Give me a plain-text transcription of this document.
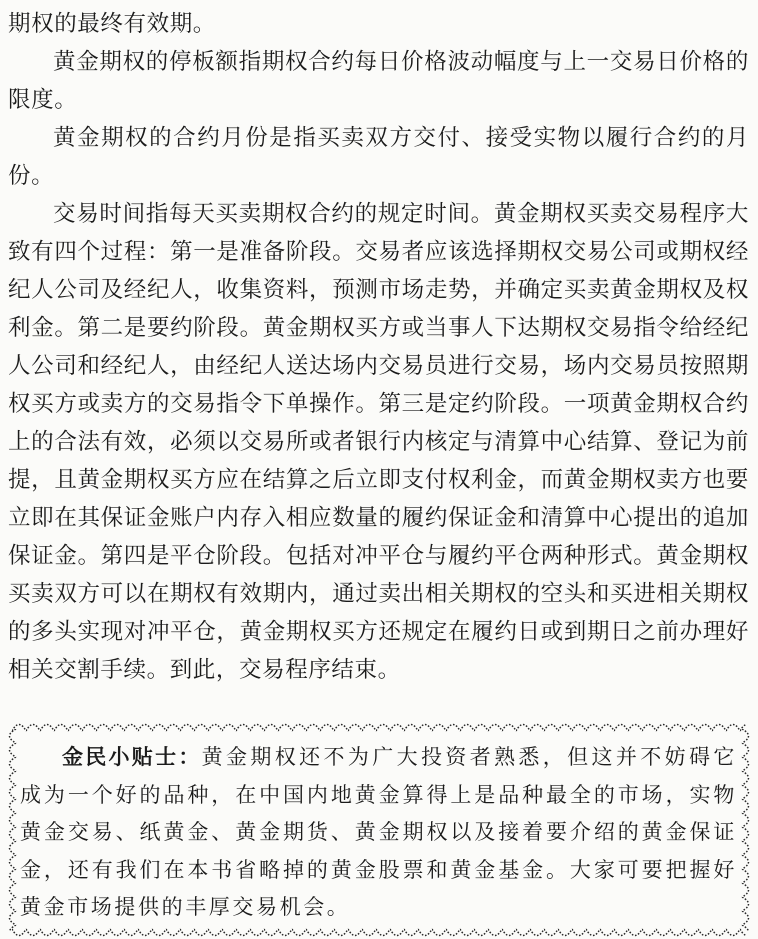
期权的最终有效期。

黄金期权的停板额指期权合约每日价格波动幅度与上一交易日价格的限度。

黄金期权的合约月份是指买卖双方交付、接受实物以履行合约的月份。

交易时间指每天买卖期权合约的规定时间。黄金期权买卖交易程序大致有四个过程：第一是准备阶段。交易者应该选择期权交易公司或期权经纪人公司及经纪人，收集资料，预测市场走势，并确定买卖黄金期权及权利金。第二是要约阶段。黄金期权买方或当事人下达期权交易指令给经纪人公司和经纪人，由经纪人送达场内交易员进行交易，场内交易员按照期权买方或卖方的交易指令下单操作。第三是定约阶段。一项黄金期权合约上的合法有效，必须以交易所或者银行内核定与清算中心结算、登记为前提，且黄金期权买方应在结算之后立即支付权利金，而黄金期权卖方也要立即在其保证金账户内存入相应数量的履约保证金和清算中心提出的追加保证金。第四是平仓阶段。包括对冲平仓与履约平仓两种形式。黄金期权买卖双方可以在期权有效期内，通过卖出相关期权的空头和买进相关期权的多头实现对冲平仓，黄金期权买方还规定在履约日或到期日之前办理好相关交割手续。到此，交易程序结束。

金民小贴士：黄金期权还不为广大投资者熟悉，但这并不妨碍它成为一个好的品种，在中国内地黄金算得上是品种最全的市场，实物黄金交易、纸黄金、黄金期货、黄金期权以及接着要介绍的黄金保证金，还有我们在本书省略掉的黄金股票和黄金基金。大家可要把握好黄金市场提供的丰厚交易机会。
